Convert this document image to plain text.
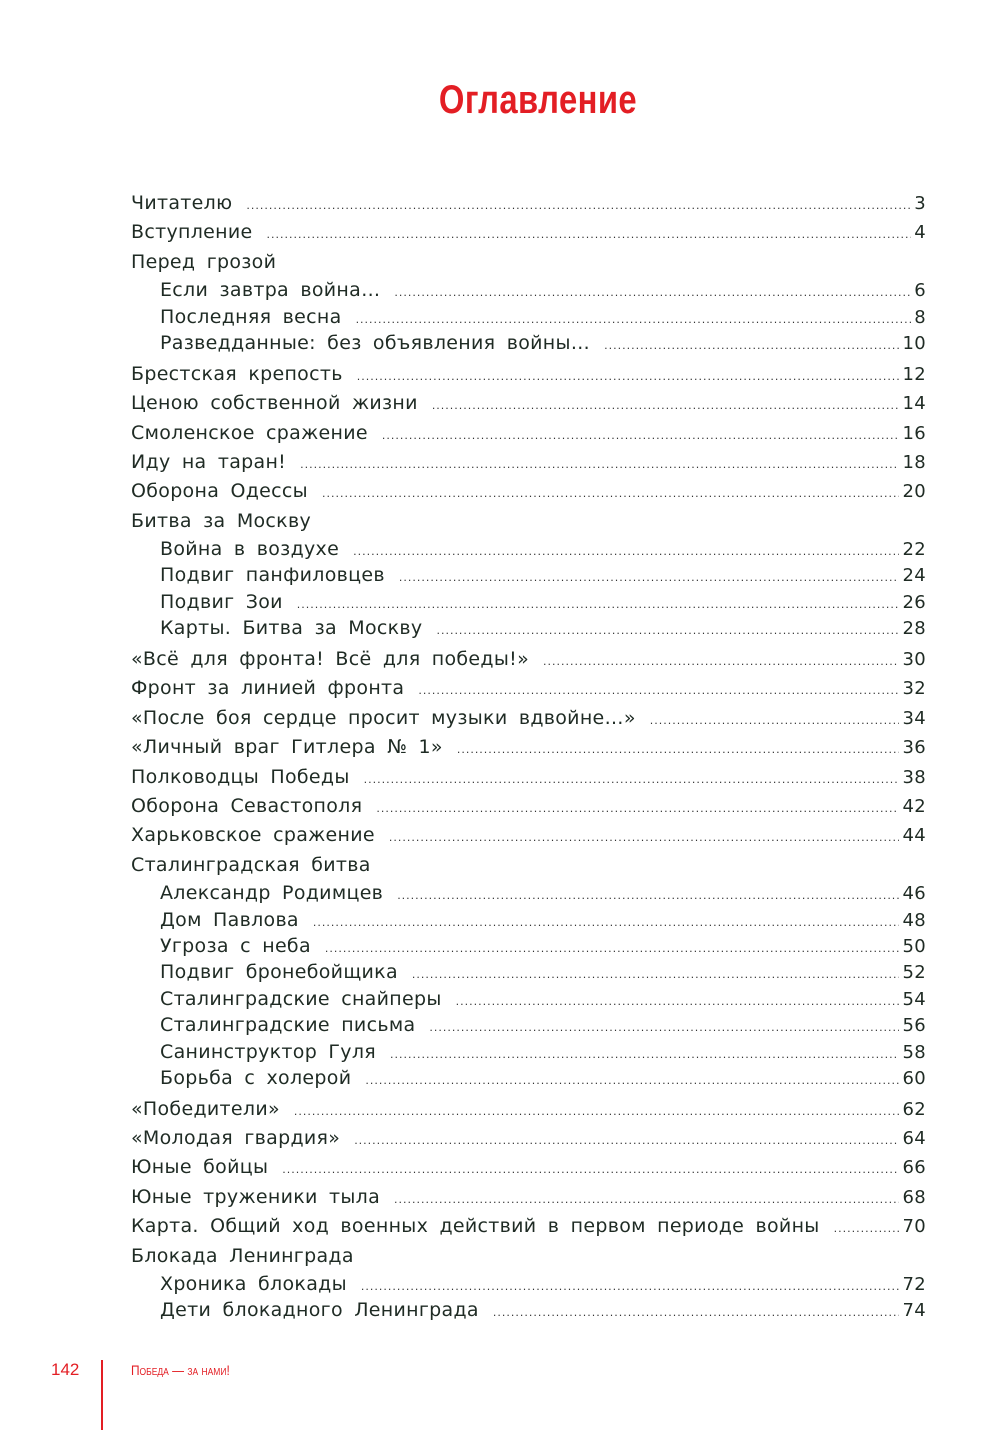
Оглавление
Читателю .....	3
Вступление .....	4
Перед грозой
Если завтра война… .....	6
Последняя весна .....	8
Разведданные: без объявления войны… .....	10
Брестская крепость .....	12
Ценою собственной жизни .....	14
Смоленское сражение .....	16
Иду на таран! .....	18
Оборона Одессы .....	20
Битва за Москву
Война в воздухе .....	22
Подвиг панфиловцев .....	24
Подвиг Зои .....	26
Карты. Битва за Москву .....	28
«Всё для фронта! Всё для победы!» .....	30
Фронт за линией фронта .....	32
«После боя сердце просит музыки вдвойне…» .....	34
«Личный враг Гитлера № 1» .....	36
Полководцы Победы .....	38
Оборона Севастополя .....	42
Харьковское сражение .....	44
Сталинградская битва
Александр Родимцев .....	46
Дом Павлова .....	48
Угроза с неба .....	50
Подвиг бронебойщика .....	52
Сталинградские снайперы .....	54
Сталинградские письма .....	56
Санинструктор Гуля .....	58
Борьба с холерой .....	60
«Победители» .....	62
«Молодая гвардия» .....	64
Юные бойцы .....	66
Юные труженики тыла .....	68
Карта. Общий ход военных действий в первом периоде войны .....	70
Блокада Ленинграда
Хроника блокады .....	72
Дети блокадного Ленинграда .....	74
142	Победа — за нами!
